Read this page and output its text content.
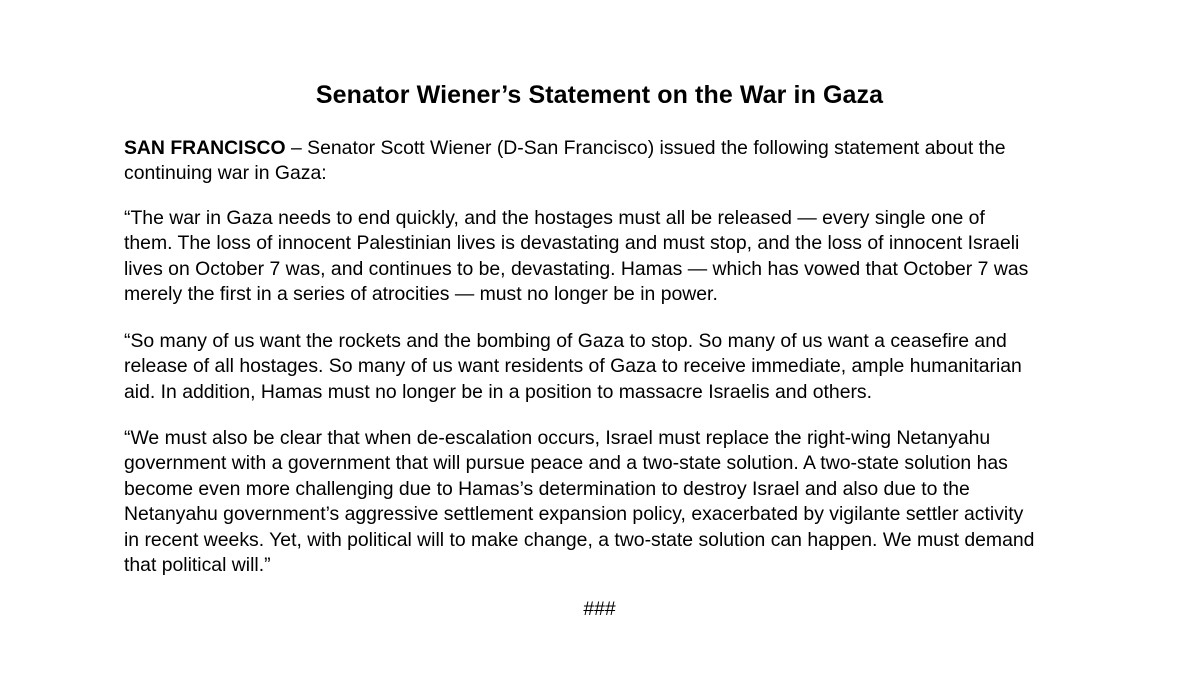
Senator Wiener’s Statement on the War in Gaza

SAN FRANCISCO – Senator Scott Wiener (D-San Francisco) issued the following statement about the
continuing war in Gaza:

“The war in Gaza needs to end quickly, and the hostages must all be released — every single one of
them. The loss of innocent Palestinian lives is devastating and must stop, and the loss of innocent Israeli
lives on October 7 was, and continues to be, devastating. Hamas — which has vowed that October 7 was
merely the first in a series of atrocities — must no longer be in power.

“So many of us want the rockets and the bombing of Gaza to stop. So many of us want a ceasefire and
release of all hostages. So many of us want residents of Gaza to receive immediate, ample humanitarian
aid. In addition, Hamas must no longer be in a position to massacre Israelis and others.

“We must also be clear that when de-escalation occurs, Israel must replace the right-wing Netanyahu
government with a government that will pursue peace and a two-state solution. A two-state solution has
become even more challenging due to Hamas’s determination to destroy Israel and also due to the
Netanyahu government’s aggressive settlement expansion policy, exacerbated by vigilante settler activity
in recent weeks. Yet, with political will to make change, a two-state solution can happen. We must demand
that political will.”

###
